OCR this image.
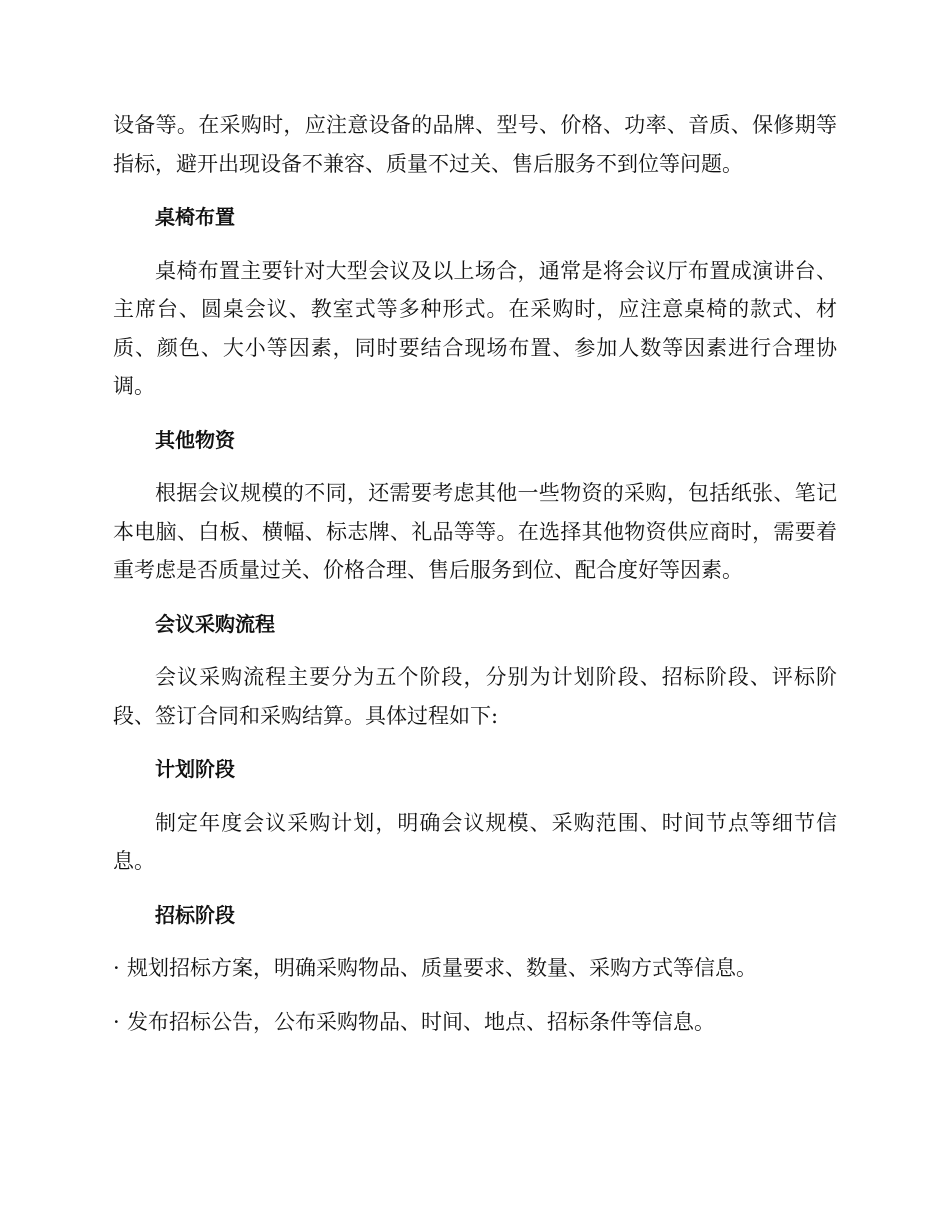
设备等。在采购时，应注意设备的品牌、型号、价格、功率、音质、保修期等指标，避开出现设备不兼容、质量不过关、售后服务不到位等问题。

桌椅布置

桌椅布置主要针对大型会议及以上场合，通常是将会议厅布置成演讲台、主席台、圆桌会议、教室式等多种形式。在采购时，应注意桌椅的款式、材质、颜色、大小等因素，同时要结合现场布置、参加人数等因素进行合理协调。

其他物资

根据会议规模的不同，还需要考虑其他一些物资的采购，包括纸张、笔记本电脑、白板、横幅、标志牌、礼品等等。在选择其他物资供应商时，需要着重考虑是否质量过关、价格合理、售后服务到位、配合度好等因素。

会议采购流程

会议采购流程主要分为五个阶段，分别为计划阶段、招标阶段、评标阶段、签订合同和采购结算。具体过程如下:

计划阶段

制定年度会议采购计划，明确会议规模、采购范围、时间节点等细节信息。

招标阶段
· 规划招标方案，明确采购物品、质量要求、数量、采购方式等信息。
· 发布招标公告，公布采购物品、时间、地点、招标条件等信息。
